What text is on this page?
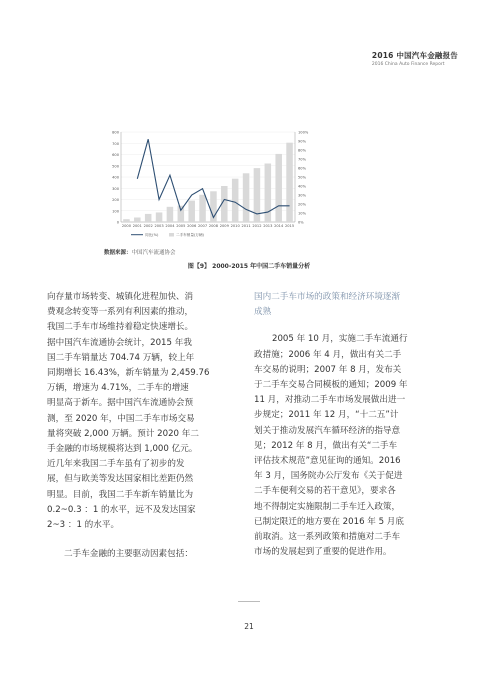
2016 中国汽车金融报告
2016 China Auto Finance Report
0
100
200
300
400
500
600
700
800
0%
10%
20%
30%
40%
50%
60%
70%
80%
90%
100%
2000 2001 2002 2003 2004 2005 2006 2007 2008 2009 2010 2011 2012 2013 2014 2015
同比(%)	二手车销量(万辆)
数据来源：中国汽车流通协会
图【9】 2000-2015 年中国二手车销量分析

向存量市场转变、城镇化进程加快、消
费观念转变等一系列有利因素的推动，
我国二手车市场维持着稳定快速增长。
据中国汽车流通协会统计，2015 年我
国二手车销量达 704.74 万辆，较上年
同期增长 16.43%，新车销量为 2,459.76
万辆，增速为 4.71%，二手车的增速
明显高于新车。据中国汽车流通协会预
测，至 2020 年，中国二手车市场交易
量将突破 2,000 万辆。预计 2020 年二
手金融的市场规模将达到 1,000 亿元。
近几年来我国二手车虽有了初步的发
展，但与欧美等发达国家相比差距仍然
明显。目前，我国二手车新车销量比为
0.2~0.3 ：1 的水平，远不及发达国家
2~3 ：1 的水平。

二手车金融的主要驱动因素包括：

国内二手车市场的政策和经济环境逐渐
成熟

2005 年 10 月，实施二手车流通行
政措施；2006 年 4 月，做出有关二手
车交易的说明；2007 年 8 月，发布关
于二手车交易合同模板的通知；2009 年
11 月，对推动二手车市场发展做出进一
步规定；2011 年 12 月，“十二五”计
划关于推动发展汽车循环经济的指导意
见；2012 年 8 月，做出有关“二手车
评估技术规范”意见征询的通知。2016
年 3 月，国务院办公厅发布《关于促进
二手车便利交易的若干意见》，要求各
地不得制定实施限制二手车迁入政策，
已制定限迁的地方要在 2016 年 5 月底
前取消。这一系列政策和措施对二手车
市场的发展起到了重要的促进作用。

21
